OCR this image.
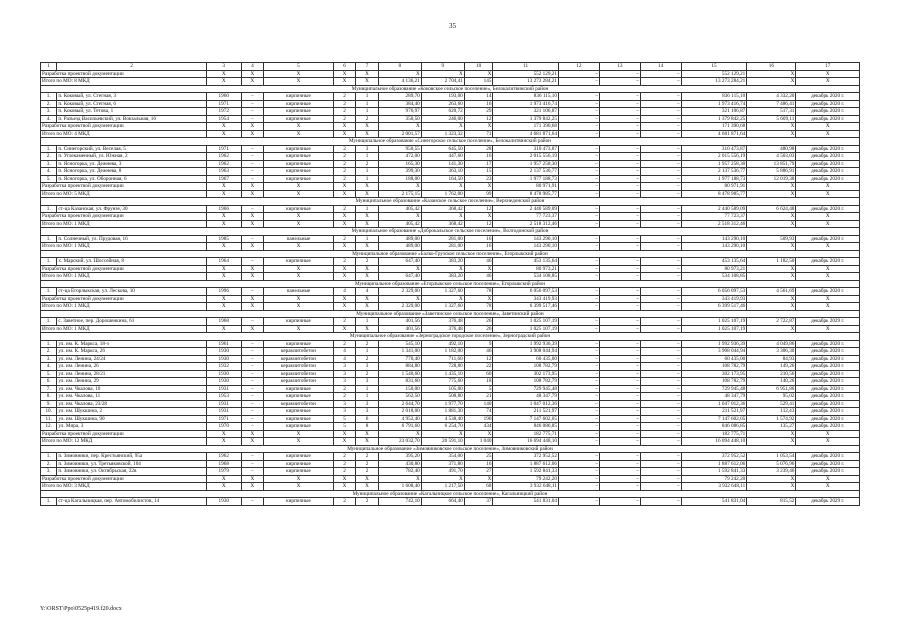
35
1	2	3	4	5	6	7	8	9	10	11	12	13	14	15	16	17
Разработка проектной документации		X	X	X	X	X	X	X	X	552 129,21	–	–	–	552 129,21	X	X
Итого по МО: 8 МКД		X	X	X	X	X	4 136,21	2 704,41	145	13 273 284,21	–	–	–	13 273 284,21	X	X
Муниципальное образование «Коковское сельское поселение», Белокалитвинский район																
1.	п. Коковый, ул. Стегная, 3	1960	–	кирпичные	2	1	289,70	193,00	14	836 115,10	–	–	–	836 115,10	4 332,20	декабрь 2020 г.
2.	п. Коковый, ул. Стегная, 6	1971	–	кирпичные	2	1	384,40	263,60	16	1 973 416,74	–	–	–	1 973 416,74	7 486,41	декабрь 2020 г.
3.	п. Коковый, ул. Тетова, 1	1972	–	кирпичные	2	1	976,97	620,72	29	321 106,87	–	–	–	321 106,87	517,31	декабрь 2020 г.
4.	п. Разъезд Васильевский, ул. Вокзальная, 16	1954	–	кирпичные	2	2	350,50	246,00	12	1 379 842,25	–	–	–	1 379 842,25	5 609,11	декабрь 2020 г.
Разработка проектной документации		X	X	X	X	X	X	X	X	171 390,68	–	–	–	171 390,68	X	X
Итого по МО: 4 МКД		X	X	X	X	X	2 001,57	1 323,32	71	4 681 871,64	–	–	–	4 681 871,64	X	X
Муниципальное образование «Синегорское сельское поселение», Белокалитвинский район																
1.	п. Синегорский, ул. Веселая, 5	1971	–	кирпичные	2	3	950,55	645,50	28	310 473,87	–	–	–	310 473,87	480,98	декабрь 2020 г.
2.	п. Углекаменный, ул. Южная, 2	1962	–	кирпичные	2	1	472,00	447,60	16	2 015 556,19	–	–	–	2 015 556,19	4 503,03	декабрь 2020 г.
3.	п. Ясногорка, ул. Дежнева, 3	1962	–	кирпичные	2	2	165,30	141,30	17	1 957 258,30	–	–	–	1 957 258,30	13 851,79	декабрь 2020 г.
4.	п. Ясногорка, ул. Дежнева, 8	1963	–	кирпичные	2	1	399,30	363,10	15	2 137 536,77	–	–	–	2 137 536,77	5 886,91	декабрь 2020 г.
5.	п. Ясногорка, ул. Оборонная, 6	1967	–	кирпичные	2	1	188,00	164,50	23	1 977 188,73	–	–	–	1 977 188,73	12 019,38	декабрь 2020 г.
Разработка проектной документации		X	X	X	X	X	X	X	X	80 971,91	–	–	–	80 971,91	X	X
Итого по МО: 5 МКД		X	X	X	X	X	2 175,15	1 762,00	99	8 478 985,77	–	–	–	8 478 985,77	X	X
Муниципальное образование «Казанское сельское поселение», Верхнедонской район																
1.	ст-ца Казанская, ул. Фрунзе, 30	1966	–	кирпичные	2	1	405,42	368,42	12	2 440 589,09	–	–	–	2 440 589,09	6 624,48	декабрь 2020 г.
Разработка проектной документации		X	X	X	X	X	X	X	X	77 723,37	–	–	–	77 723,37	X	X
Итого по МО: 1 МКД		X	X	X	X	X	405,42	368,42	12	2 518 312,46	–	–	–	2 518 312,46	X	X
Муниципальное образование «Доброкальское сельское поселение», Волгодонской район																
1.	п. Солнечный, ул. Прудовая, 16	1985	–	панельные	2	1	489,00	281,00	16	143 290,10	–	–	–	143 290,10	509,93	декабрь 2020 г.
Итого по МО: 1 МКД		X	X	X	X	X	489,00	281,00	16	143 290,10	–	–	–	143 290,10	X	X
Муниципальное образование «Балко-Грузское сельское поселение», Егорлыкский район																
1.	х. Марский, ул. Шоссейная, 8	1964	–	кирпичные	2	2	647,40	383,20	46	453 135,64	–	–	–	453 135,64	1 182,50	декабрь 2020 г.
Разработка проектной документации		X	X	X	X	X	X	X	X	80 973,21	–	–	–	80 973,21	X	X
Итого по МО: 1 МКД		X	X	X	X	X	647,40	383,20	46	534 108,85	–	–	–	534 108,85	X	X
Муниципальное образование «Егорлыкское сельское поселение», Егорлыкский район																
1.	ст-ца Егорлыкская, ул. Лескова, 10	1996	–	панельные	4	4	2 329,00	1 327,60	78	6 056 097,53	–	–	–	6 056 097,53	4 561,69	декабрь 2020 г.
Разработка проектной документации		X	X	X	X	X	X	X	X	343 419,93	–	–	–	343 419,93	X	X
Итого по МО: 1 МКД		X	X	X	X	X	2 329,00	1 327,60	78	6 399 517,46	–	–	–	6 399 517,46	X	X
Муниципальное образование «Заветинское сельское поселение», Заветинский район																
1.	с. Заветное, пер. Дорошенкина, 61	1968	–	кирпичные	2	1	401,56	376,48	26	1 025 107,19	–	–	–	1 025 107,19	2 722,87	декабрь 2029 г.
Итого по МО: 1 МКД		X	X	X	X	X	401,56	376,48	26	1 025 107,19	–	–	–	1 025 107,19	X	X
Муниципальное образование «Зерноградское городское поселение», Зерноградский район																
1.	ул. им. К. Маркса, 18-з	1961	–	кирпичные	2	2	545,10	492,10	9	1 992 936,39	–	–	–	1 992 936,39	4 049,86	декабрь 2020 г.
2.	ул. им. К. Маркса, 26	1930	–	керамзитобетон	4	1	1 341,00	1 182,00	46	3 908 044,94	–	–	–	3 908 044,94	3 306,30	декабрь 2020 г.
3.	ул. им. Ленина, 24/24	1930	–	керамзитобетон	4	2	770,40	711,60	12	60 435,00	–	–	–	60 435,00	84,93	декабрь 2020 г.
4.	ул. им. Ленина, 26	1932	–	керамзитобетон	3	3	884,80	728,80	22	108 782,79	–	–	–	108 782,79	149,26	декабрь 2020 г.
5.	ул. им. Ленина, 28/21	1930	–	керамзитобетон	3	2	1 540,60	1 435,10	60	302 173,95	–	–	–	302 173,95	210,56	декабрь 2020 г.
6.	ул. им. Ленина, 29	1930	–	керамзитобетон	3	3	831,60	775,60	18	108 782,79	–	–	–	108 782,79	140,26	декабрь 2020 г.
7.	ул. им. Чкалова, 10	1931	–	кирпичные	2	1	150,00	105,00	5	729 945,48	–	–	–	729 945,48	6 951,86	декабрь 2020 г.
8.	ул. им. Чкалова, 11	1953	–	кирпичные	2	1	562,50	508,80	21	48 347,79	–	–	–	48 347,79	95,02	декабрь 2020 г.
9.	ул. им. Чкалова, 23/28	1931	–	керамзитобетон	3	3	2 644,70	1 977,70	140	1 047 012,36	–	–	–	1 047 012,36	529,41	декабрь 2020 г.
10.	ул. им. Шукшина, 2	1931	–	кирпичные	3	3	2 018,00	1 881,30	74	211 521,97	–	–	–	211 521,97	112,43	декабрь 2020 г.
11.	ул. им. Шукшина, 90	1971	–	кирпичные	5	6	4 952,40	4 538,40	190	7 147 602,05	–	–	–	7 147 602,05	1 574,92	декабрь 2020 г.
12.	ул. Мира, 3	1970	–	кирпичные	5	8	6 791,60	6 254,70	434	846 086,85	–	–	–	846 086,85	135,27	декабрь 2020 г.
Разработка проектной документации		X	X	X	X	X	X	X	X	182 775,71	–	–	–	182 775,71	X	X
Итого по МО: 12 МКД		X	X	X	X	X	23 032,70	20 591,10	1 040	16 694 448,10	–	–	–	16 094 448,10	X	X
Муниципальное образование «Зимовниковское сельское поселение», Зимовниковский район																
1.	п. Зимовники, пер. Крестьянский, 95а	1962	–	кирпичные	2	2	395,20	354,00	25	372 952,52	–	–	–	372 952,52	1 053,54	декабрь 2020 г.
2.	п. Зимовники, ул. Третьяковской, 104	1968	–	кирпичные	2	2	430,80	371,80	16	1 887 612,06	–	–	–	1 887 612,06	5 076,96	декабрь 2020 г.
3.	п. Зимовники, ул. Октябрьская, 22в	1979	–	кирпичные	2	2	782,40	491,70	27	1 592 841,33	–	–	–	1 592 841,33	3 239,46	декабрь 2020 г.
Разработка проектной документации		X	X	X	X	X	X	X	X	79 242,20	–	–	–	79 242,20	X	X
Итого по МО: 3 МКД		X	X	X	X	X	1 608,40	1 217,50	68	3 932 648,11	–	–	–	3 932 648,11	X	X
Муниципальное образование «Кагальницкое сельское поселение», Кагальницкий район																
1.	ст-ца Кагальницкая, пер. Автомобилистов, 14	1930	–	кирпичные	2	2	742,10	664,40	37	541 831,04	–	–	–	541 831,04	815,52	декабрь 2029 г.
Y:\ORST\Ppo\0525p419.f20.docx
